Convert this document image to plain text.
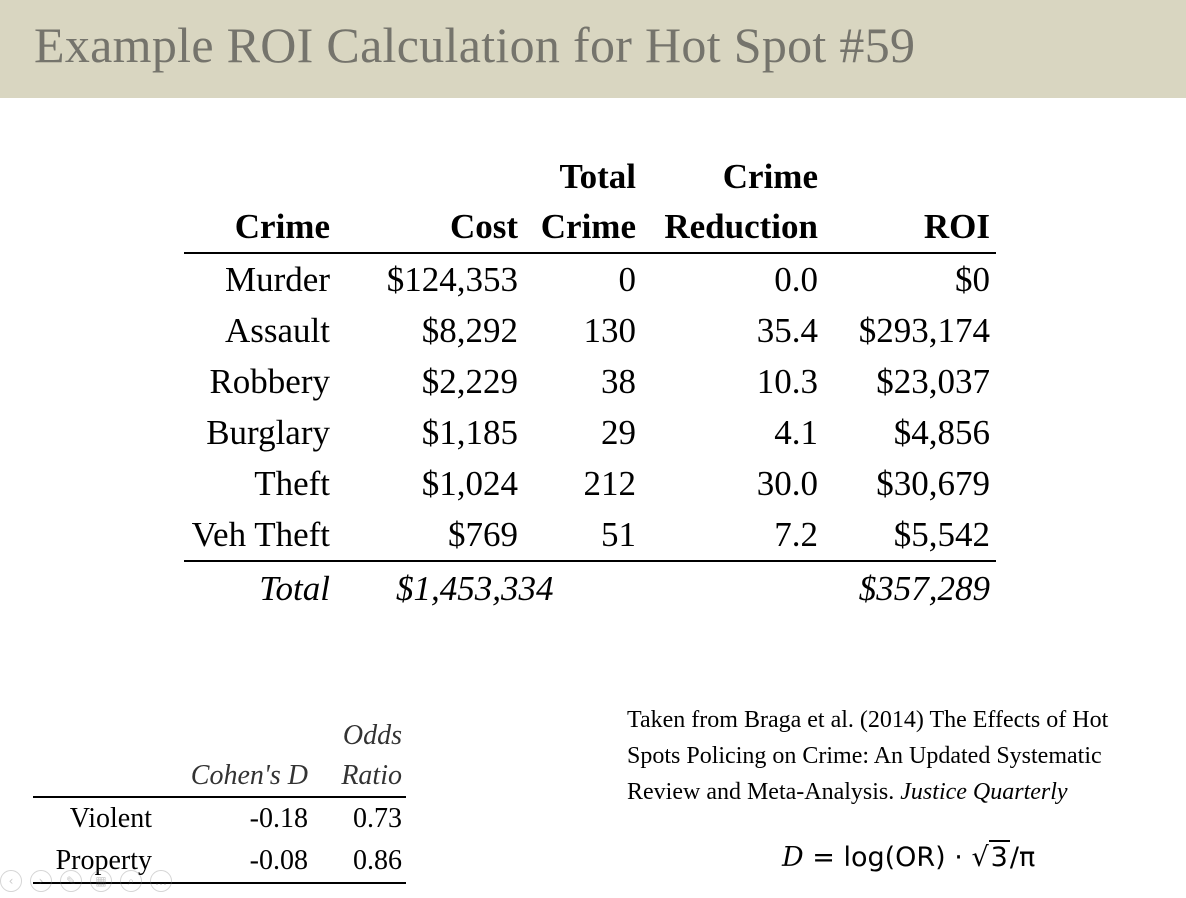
Example ROI Calculation for Hot Spot #59
		Total	Crime	
Crime	Cost	Crime	Reduction	ROI
Murder	$124,353	0	0.0	$0
Assault	$8,292	130	35.4	$293,174
Robbery	$2,229	38	10.3	$23,037
Burglary	$1,185	29	4.1	$4,856
Theft	$1,024	212	30.0	$30,679
Veh Theft	$769	51	7.2	$5,542
Total	$1,453,334			$357,289
		Odds
	Cohen's D	Ratio
Violent	-0.18	0.73
Property	-0.08	0.86
Taken from Braga et al. (2014) The Effects of Hot Spots Policing on Crime: An Updated Systematic Review and Meta-Analysis. Justice Quarterly
D = log(OR) · √3/π
‹	›	✎	▦	⌕	…
